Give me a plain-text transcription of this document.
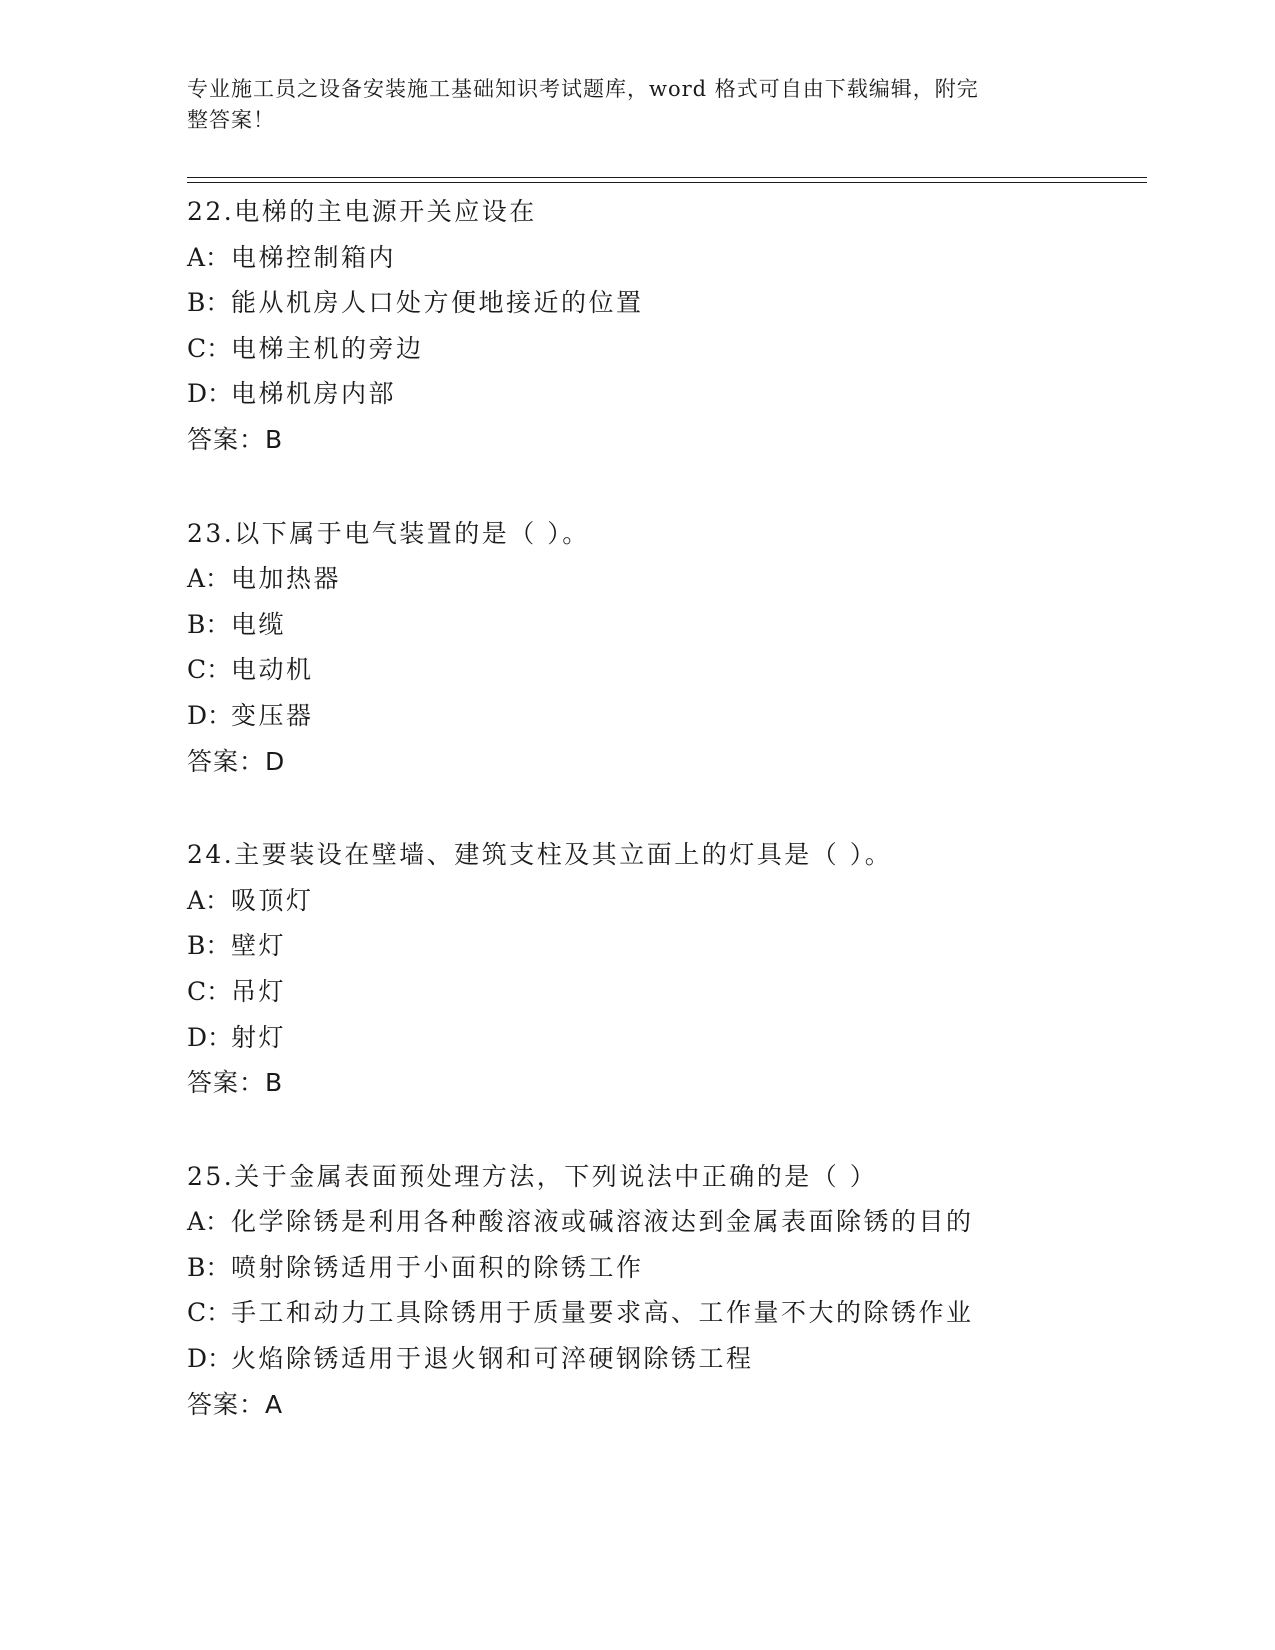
专业施工员之设备安装施工基础知识考试题库，word 格式可自由下载编辑，附完
整答案！
22.电梯的主电源开关应设在
A：电梯控制箱内
B：能从机房人口处方便地接近的位置
C：电梯主机的旁边
D：电梯机房内部
答案：B
23.以下属于电气装置的是（ ）。
A：电加热器
B：电缆
C：电动机
D：变压器
答案：D
24.主要装设在壁墙、建筑支柱及其立面上的灯具是（ ）。
A：吸顶灯
B：壁灯
C：吊灯
D：射灯
答案：B
25.关于金属表面预处理方法，下列说法中正确的是（ ）
A：化学除锈是利用各种酸溶液或碱溶液达到金属表面除锈的目的
B：喷射除锈适用于小面积的除锈工作
C：手工和动力工具除锈用于质量要求高、工作量不大的除锈作业
D：火焰除锈适用于退火钢和可淬硬钢除锈工程
答案：A
